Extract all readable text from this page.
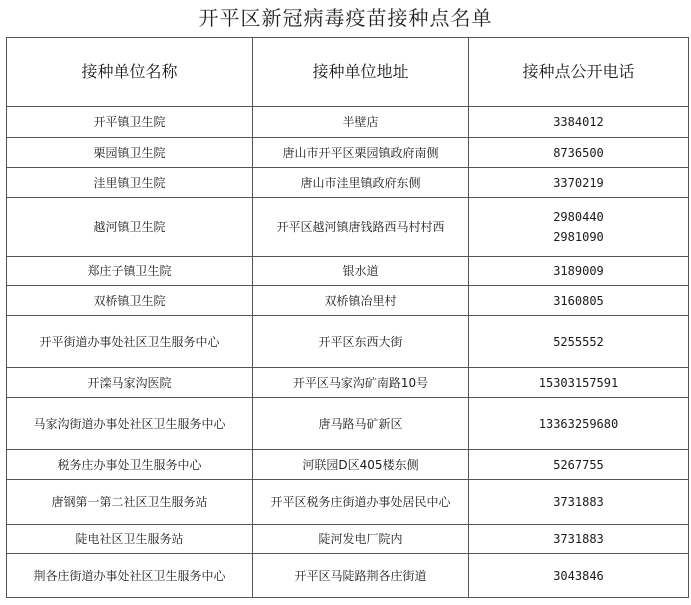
开平区新冠病毒疫苗接种点名单
接种单位名称	接种单位地址	接种点公开电话
开平镇卫生院	半壁店	3384012

栗园镇卫生院	唐山市开平区栗园镇政府南侧	8736500

洼里镇卫生院	唐山市洼里镇政府东侧	3370219

越河镇卫生院	开平区越河镇唐钱路西马村村西	2980440
2981090

郑庄子镇卫生院	银水道	3189009

双桥镇卫生院	双桥镇冶里村	3160805

开平街道办事处社区卫生服务中心	开平区东西大街	5255552

开滦马家沟医院	开平区马家沟矿南路10号	15303157591

马家沟街道办事处社区卫生服务中心	唐马路马矿新区	13363259680

税务庄办事处卫生服务中心	河联园D区405楼东侧	5267755

唐钢第一第二社区卫生服务站	开平区税务庄街道办事处居民中心	3731883

陡电社区卫生服务站	陡河发电厂院内	3731883

荆各庄街道办事处社区卫生服务中心	开平区马陡路荆各庄街道	3043846
